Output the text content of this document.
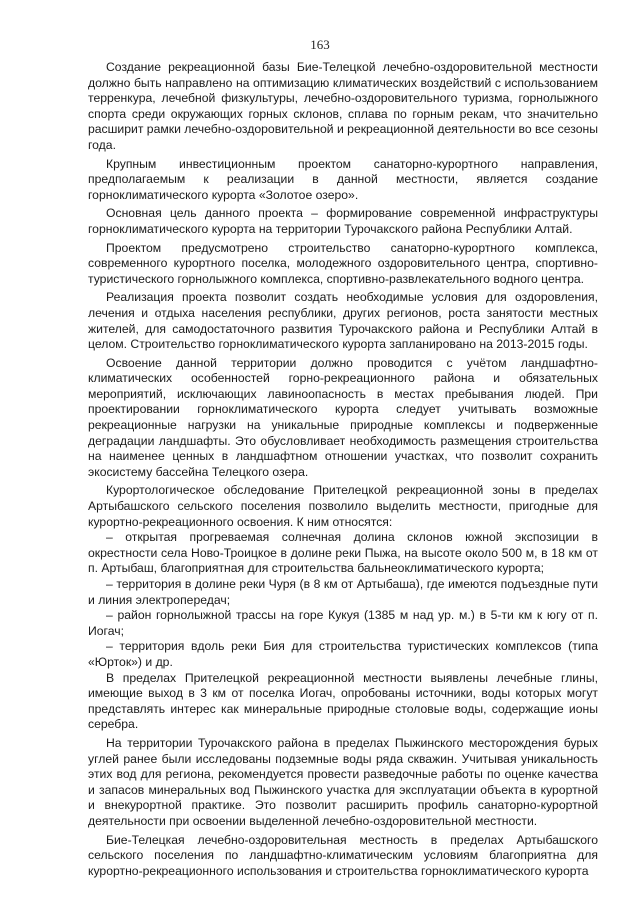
163

Создание рекреационной базы Бие-Телецкой лечебно-оздоровительной местности должно быть направлено на оптимизацию климатических воздействий с использованием терренкура, лечебной физкультуры, лечебно-оздоровительного туризма, горнолыжного спорта среди окружающих горных склонов, сплава по горным рекам, что значительно расширит рамки лечебно-оздоровительной и рекреационной деятельности во все сезоны года.

Крупным инвестиционным проектом санаторно-курортного направления, предполагаемым к реализации в данной местности, является создание горноклиматического курорта «Золотое озеро».

Основная цель данного проекта – формирование современной инфраструктуры горноклиматического курорта на территории Турочакского района Республики Алтай.

Проектом предусмотрено строительство санаторно-курортного комплекса, современного курортного поселка, молодежного оздоровительного центра, спортивно-туристического горнолыжного комплекса, спортивно-развлекательного водного центра.

Реализация проекта позволит создать необходимые условия для оздоровления, лечения и отдыха населения республики, других регионов, роста занятости местных жителей, для самодостаточного развития Турочакского района и Республики Алтай в целом. Строительство горноклиматического курорта запланировано на 2013-2015 годы.

Освоение данной территории должно проводится с учётом ландшафтно-климатических особенностей горно-рекреационного района и обязательных мероприятий, исключающих лавиноопасность в местах пребывания людей. При проектировании горноклиматического курорта следует учитывать возможные рекреационные нагрузки на уникальные природные комплексы и подверженные деградации ландшафты. Это обусловливает необходимость размещения строительства на наименее ценных в ландшафтном отношении участках, что позволит сохранить экосистему бассейна Телецкого озера.

Курортологическое обследование Прителецкой рекреационной зоны в пределах Артыбашского сельского поселения позволило выделить местности, пригодные для курортно-рекреационного освоения. К ним относятся:

– открытая прогреваемая солнечная долина склонов южной экспозиции в окрестности села Ново-Троицкое в долине реки Пыжа, на высоте около 500 м, в 18 км от п. Артыбаш, благоприятная для строительства бальнеоклиматического курорта;

– территория в долине реки Чуря (в 8 км от Артыбаша), где имеются подъездные пути и линия электропередач;

– район горнолыжной трассы на горе Кукуя (1385 м над ур. м.) в 5-ти км к югу от п. Иогач;

– территория вдоль реки Бия для строительства туристических комплексов (типа «Юрток») и др.

В пределах Прителецкой рекреационной местности выявлены лечебные глины, имеющие выход в 3 км от поселка Иогач, опробованы источники, воды которых могут представлять интерес как минеральные природные столовые воды, содержащие ионы серебра.

На территории Турочакского района в пределах Пыжинского месторождения бурых углей ранее были исследованы подземные воды ряда скважин. Учитывая уникальность этих вод для региона, рекомендуется провести разведочные работы по оценке качества и запасов минеральных вод Пыжинского участка для эксплуатации объекта в курортной и внекурортной практике. Это позволит расширить профиль санаторно-курортной деятельности при освоении выделенной лечебно-оздоровительной местности.

Бие-Телецкая лечебно-оздоровительная местность в пределах Артыбашского сельского поселения по ландшафтно-климатическим условиям благоприятна для курортно-рекреационного использования и строительства горноклиматического курорта
